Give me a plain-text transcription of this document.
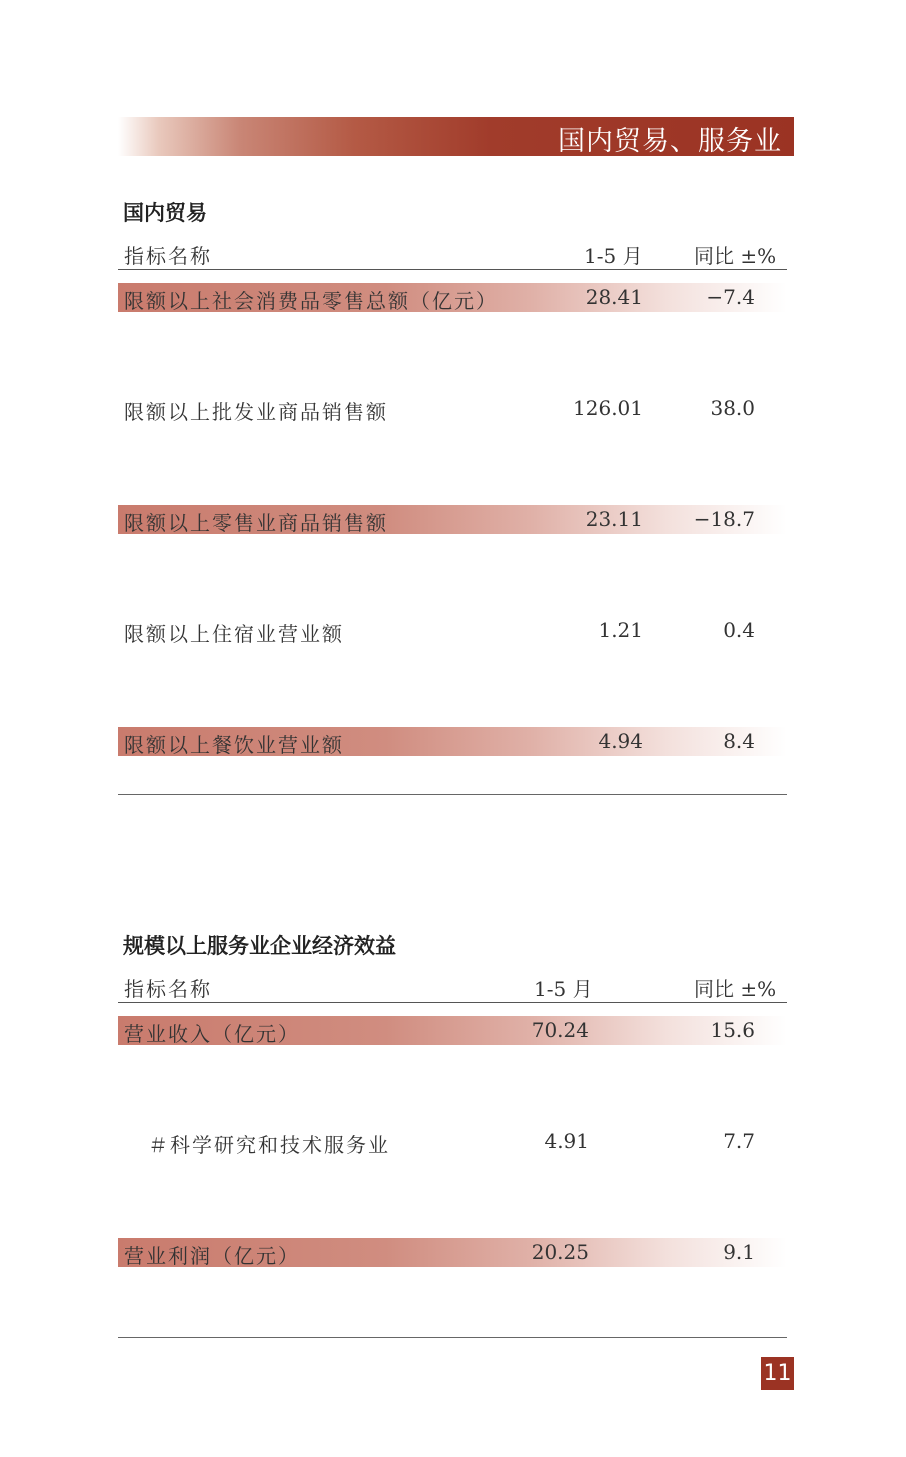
国内贸易、服务业
国内贸易
指标名称	1-5 月	同比 ±%
限额以上社会消费品零售总额（亿元）	28.41	−7.4
限额以上批发业商品销售额	126.01	38.0
限额以上零售业商品销售额	23.11	−18.7
限额以上住宿业营业额	1.21	0.4
限额以上餐饮业营业额	4.94	8.4
规模以上服务业企业经济效益
指标名称	1-5 月	同比 ±%
营业收入（亿元）	70.24	15.6
＃科学研究和技术服务业	4.91	7.7
营业利润（亿元）	20.25	9.1
11
